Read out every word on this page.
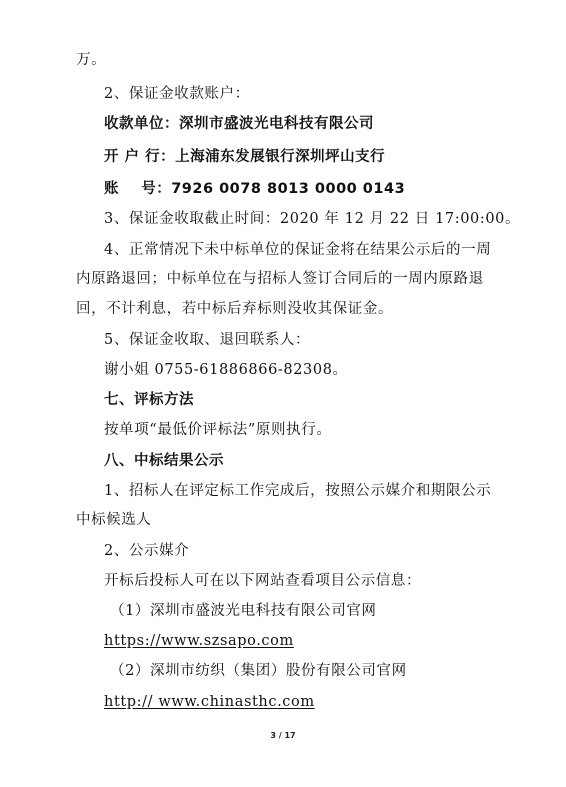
万。
2、保证金收款账户：
收款单位：深圳市盛波光电科技有限公司
开 户 行：上海浦东发展银行深圳坪山支行
账    号：7926 0078 8013 0000 0143
3、保证金收取截止时间：2020 年 12 月 22 日 17:00:00。
4、正常情况下未中标单位的保证金将在结果公示后的一周
内原路退回；中标单位在与招标人签订合同后的一周内原路退
回，不计利息，若中标后弃标则没收其保证金。
5、保证金收取、退回联系人：
谢小姐 0755-61886866-82308。
七、评标方法
按单项“最低价评标法”原则执行。
八、中标结果公示
1、招标人在评定标工作完成后，按照公示媒介和期限公示
中标候选人
2、公示媒介
开标后投标人可在以下网站查看项目公示信息：
（1）深圳市盛波光电科技有限公司官网
https://www.szsapo.com
（2）深圳市纺织（集团）股份有限公司官网
http:// www.chinasthc.com
3 / 17
